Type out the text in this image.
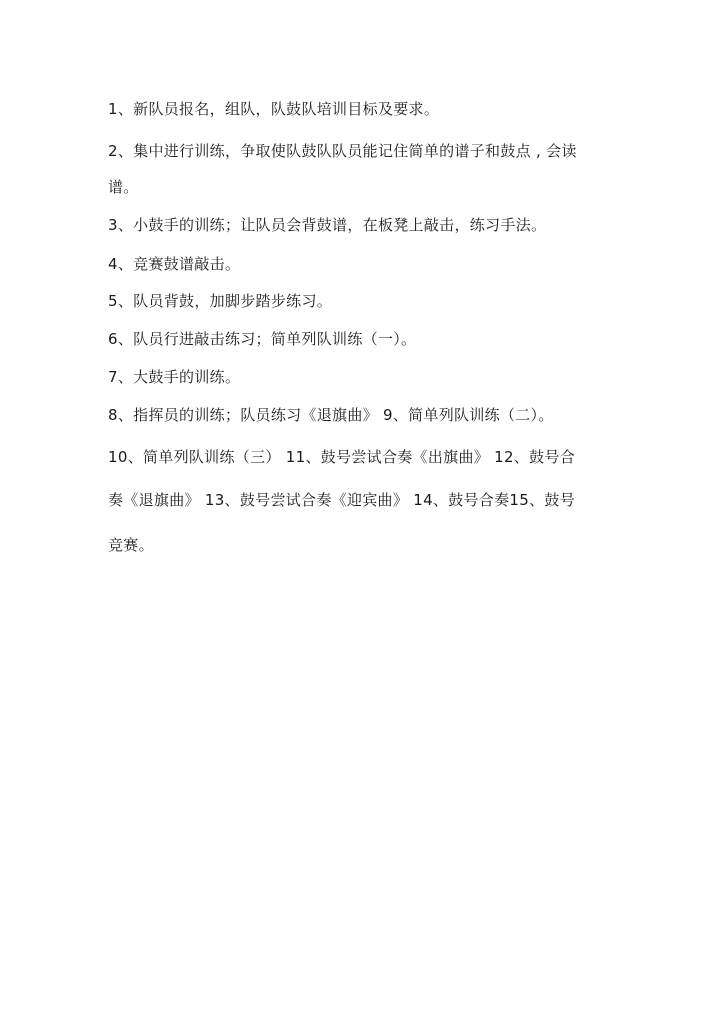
1、新队员报名，组队，队鼓队培训目标及要求。
2、集中进行训练，争取使队鼓队队员能记住简单的谱子和鼓点 , 会读
谱。
3、小鼓手的训练；让队员会背鼓谱，在板凳上敲击，练习手法。
4、竞赛鼓谱敲击。
5、队员背鼓，加脚步踏步练习。
6、队员行进敲击练习；简单列队训练（一）。
7、大鼓手的训练。
8、指挥员的训练；队员练习《退旗曲》 9、简单列队训练（二）。
10、简单列队训练（三） 11、鼓号尝试合奏《出旗曲》 12、鼓号合
奏《退旗曲》 13、鼓号尝试合奏《迎宾曲》 14、鼓号合奏15、鼓号
竞赛。
